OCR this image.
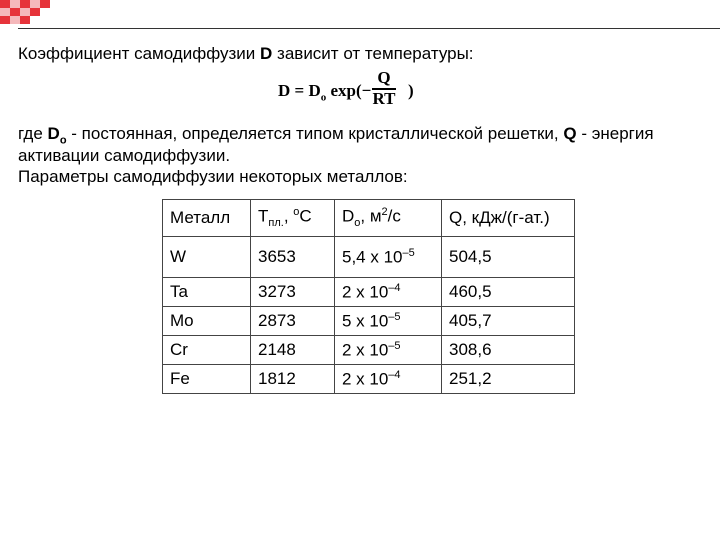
Коэффициент самодиффузии D зависит от температуры:
$D = D_o$ exp(−
Q
RT )
где $D_o$ - постоянная, определяется типом кристаллической решетки, Q - энергия
активации самодиффузии.
Параметры самодиффузии некоторых металлов:
Металл	$T_{пл.}$, $^о$С	$D_o$, $м^2/с$	Q, кДж/(г-ат.)
W	3653	5,4 х $10^{-5}$	504,5
Ta	3273	2 х $10^{-4}$	460,5
Mo	2873	5 х $10^{-5}$	405,7
Cr	2148	2 х $10^{-5}$	308,6
Fe	1812	2 х $10^{-4}$	251,2
